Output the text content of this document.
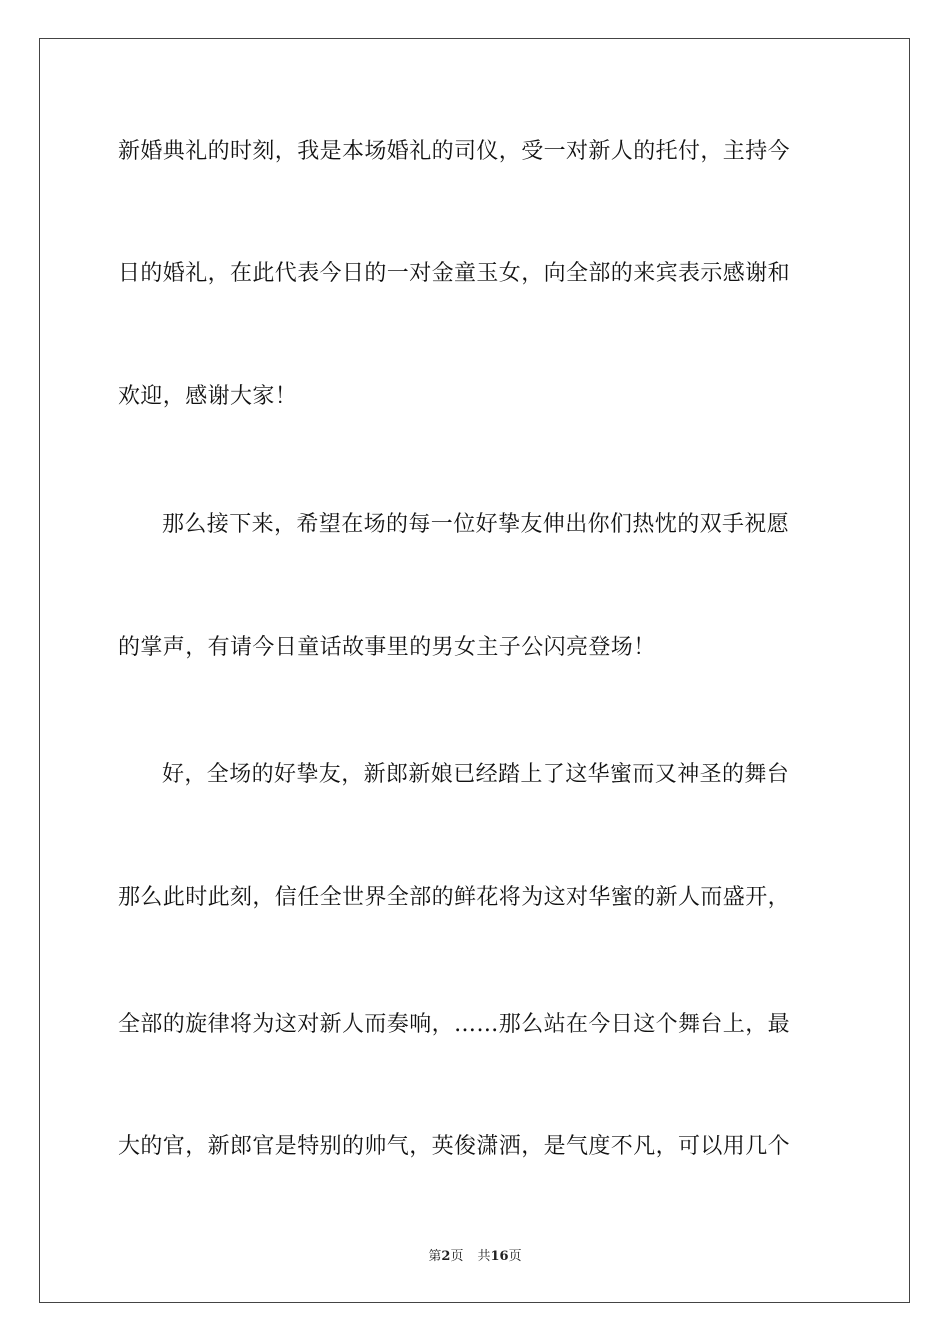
新婚典礼的时刻，我是本场婚礼的司仪，受一对新人的托付，主持今
日的婚礼，在此代表今日的一对金童玉女，向全部的来宾表示感谢和
欢迎，感谢大家！
那么接下来，希望在场的每一位好挚友伸出你们热忱的双手祝愿
的掌声，有请今日童话故事里的男女主子公闪亮登场！
好，全场的好挚友，新郎新娘已经踏上了这华蜜而又神圣的舞台
那么此时此刻，信任全世界全部的鲜花将为这对华蜜的新人而盛开，
全部的旋律将为这对新人而奏响，……那么站在今日这个舞台上，最
大的官，新郎官是特别的帅气，英俊潇洒，是气度不凡，可以用几个
第2页 共16页
